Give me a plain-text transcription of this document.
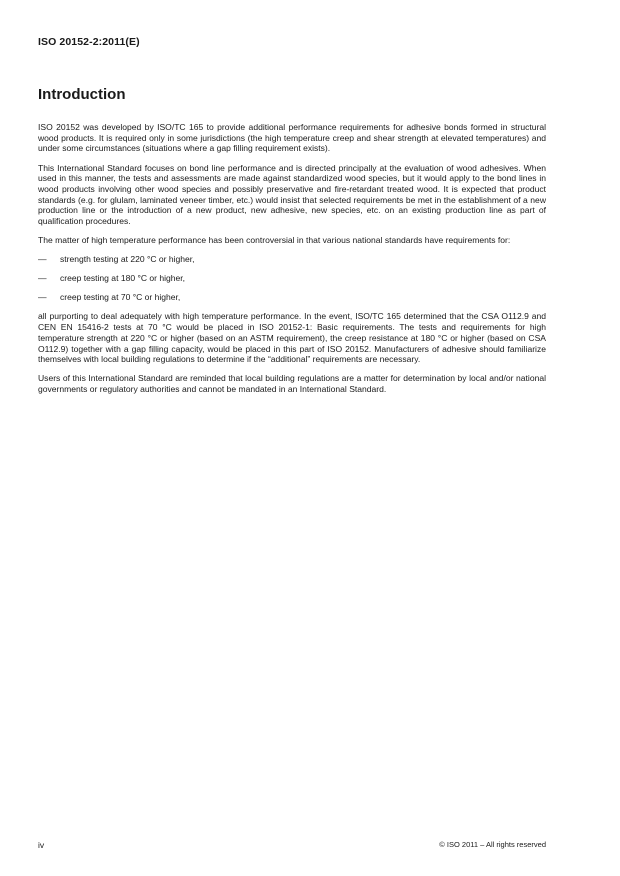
ISO 20152-2:2011(E)
Introduction

ISO 20152 was developed by ISO/TC 165 to provide additional performance requirements for adhesive bonds formed in structural wood products. It is required only in some jurisdictions (the high temperature creep and shear strength at elevated temperatures) and under some circumstances (situations where a gap filling requirement exists).

This International Standard focuses on bond line performance and is directed principally at the evaluation of wood adhesives. When used in this manner, the tests and assessments are made against standardized wood species, but it would apply to the bond lines in wood products involving other wood species and possibly preservative and fire-retardant treated wood. It is expected that product standards (e.g. for glulam, laminated veneer timber, etc.) would insist that selected requirements be met in the establishment of a new production line or the introduction of a new product, new adhesive, new species, etc. on an existing production line as part of qualification procedures.

The matter of high temperature performance has been controversial in that various national standards have requirements for:

—	strength testing at 220 °C or higher,
—	creep testing at 180 °C or higher,
—	creep testing at 70 °C or higher,

all purporting to deal adequately with high temperature performance. In the event, ISO/TC 165 determined that the CSA O112.9 and CEN EN 15416-2 tests at 70 °C would be placed in ISO 20152-1: Basic requirements. The tests and requirements for high temperature strength at 220 °C or higher (based on an ASTM requirement), the creep resistance at 180 °C or higher (based on CSA O112.9) together with a gap filling capacity, would be placed in this part of ISO 20152. Manufacturers of adhesive should familiarize themselves with local building regulations to determine if the “additional” requirements are necessary.

Users of this International Standard are reminded that local building regulations are a matter for determination by local and/or national governments or regulatory authorities and cannot be mandated in an International Standard.

iv	© ISO 2011 – All rights reserved
